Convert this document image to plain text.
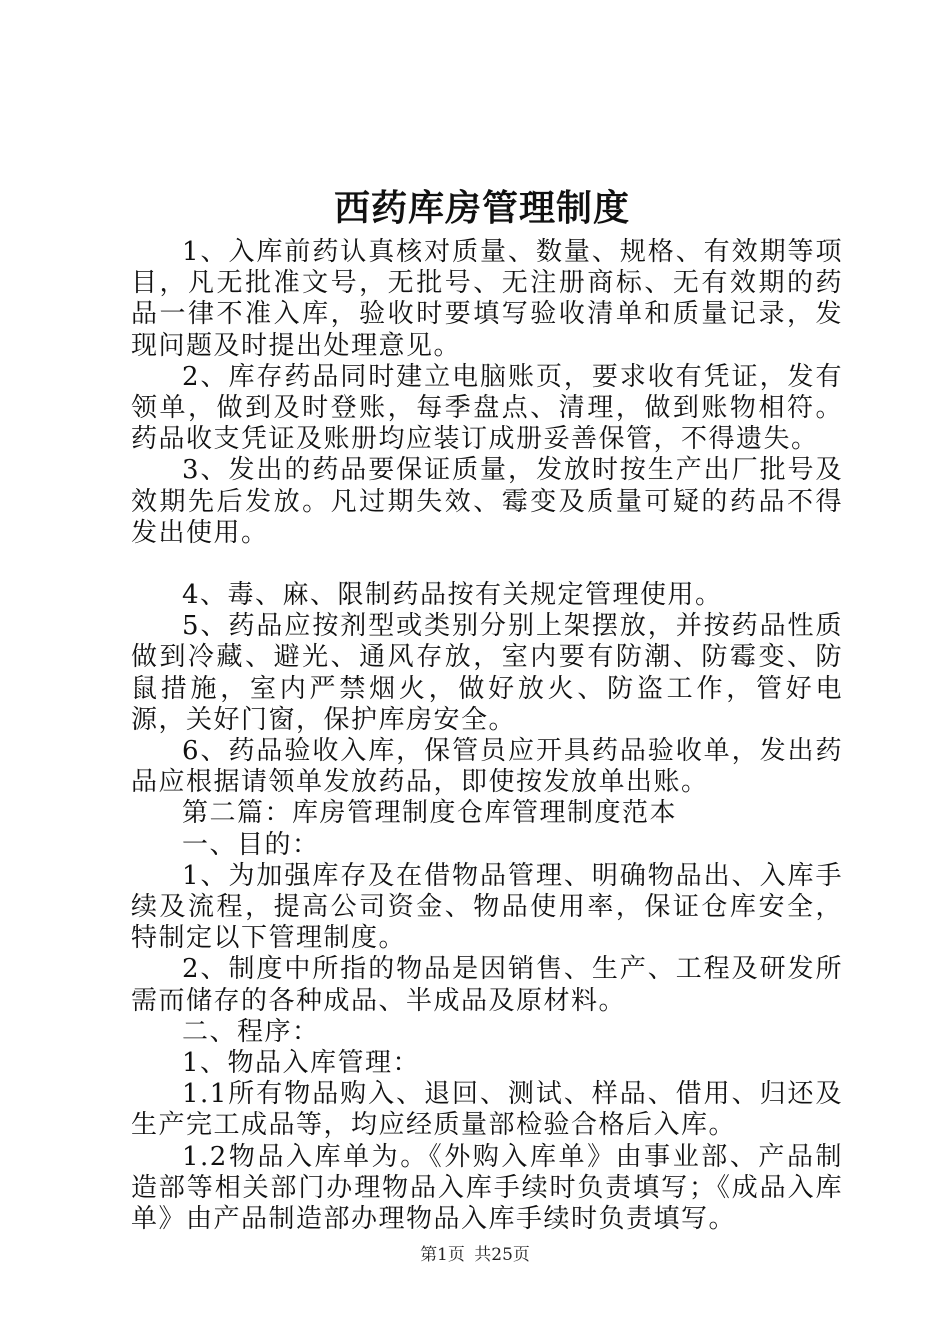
西药库房管理制度

1、入库前药认真核对质量、数量、规格、有效期等项目，凡无批准文号，无批号、无注册商标、无有效期的药品一律不准入库，验收时要填写验收清单和质量记录，发现问题及时提出处理意见。

2、库存药品同时建立电脑账页，要求收有凭证，发有领单，做到及时登账，每季盘点、清理，做到账物相符。药品收支凭证及账册均应装订成册妥善保管，不得遗失。

3、发出的药品要保证质量，发放时按生产出厂批号及效期先后发放。凡过期失效、霉变及质量可疑的药品不得发出使用。

4、毒、麻、限制药品按有关规定管理使用。

5、药品应按剂型或类别分别上架摆放，并按药品性质做到冷藏、避光、通风存放，室内要有防潮、防霉变、防鼠措施，室内严禁烟火，做好放火、防盗工作，管好电源，关好门窗，保护库房安全。

6、药品验收入库，保管员应开具药品验收单，发出药品应根据请领单发放药品，即使按发放单出账。

第二篇：库房管理制度仓库管理制度范本

一、目的：

1、为加强库存及在借物品管理、明确物品出、入库手续及流程，提高公司资金、物品使用率，保证仓库安全，特制定以下管理制度。

2、制度中所指的物品是因销售、生产、工程及研发所需而储存的各种成品、半成品及原材料。

二、程序：

1、物品入库管理：

1.1所有物品购入、退回、测试、样品、借用、归还及生产完工成品等，均应经质量部检验合格后入库。

1.2物品入库单为。《外购入库单》由事业部、产品制造部等相关部门办理物品入库手续时负责填写；《成品入库单》由产品制造部办理物品入库手续时负责填写。

第1页 共25页
